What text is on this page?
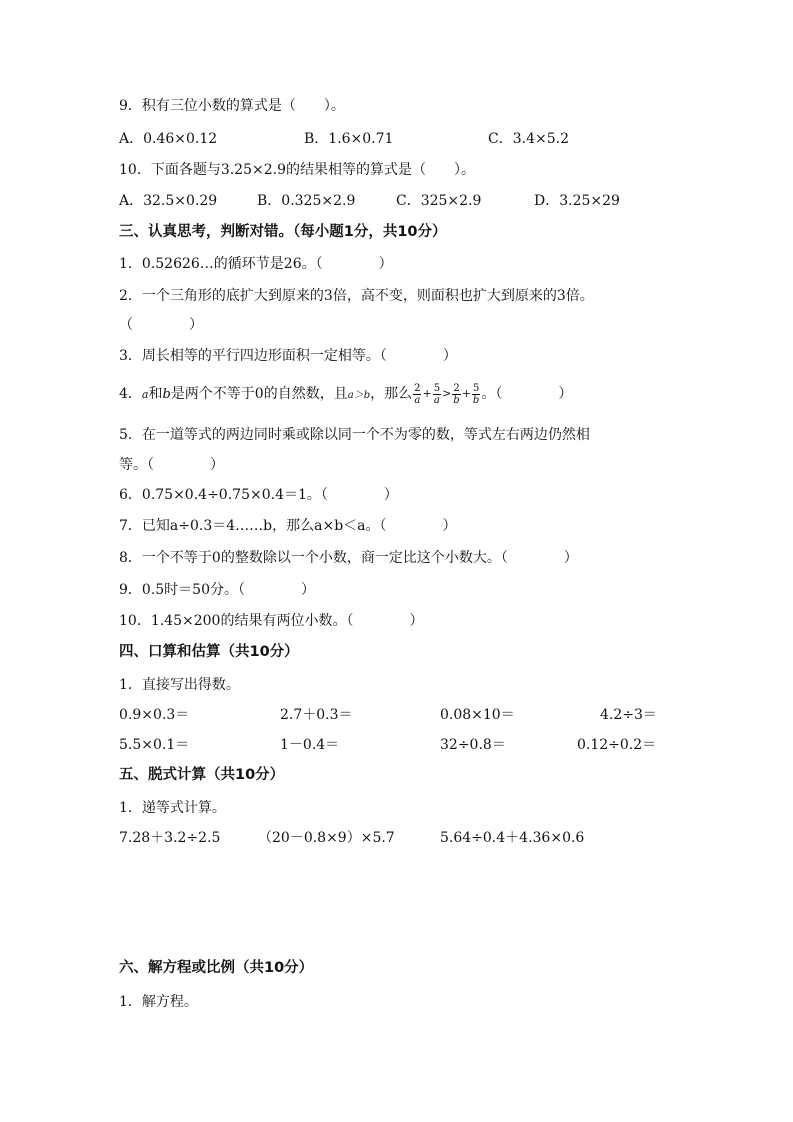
9．积有三位小数的算式是（　　）。
A．0.46×0.12	B．1.6×0.71	C．3.4×5.2
10．下面各题与3.25×2.9的结果相等的算式是（　　）。
A．32.5×0.29	B．0.325×2.9	C．325×2.9	D．3.25×29
三、认真思考，判断对错。（每小题1分，共10分）
1．0.52626…的循环节是26。（　　　　）
2．一个三角形的底扩大到原来的3倍，高不变，则面积也扩大到原来的3倍。
（　　　　）
3．周长相等的平行四边形面积一定相等。（　　　　）
4．a和b是两个不等于0的自然数，且a＞b，那么 $\frac{2}{a} + \frac{5}{a} > \frac{2}{b} + \frac{5}{b}$ 。（　　　　）
5．在一道等式的两边同时乘或除以同一个不为零的数，等式左右两边仍然相
等。（　　　　）
6．0.75×0.4÷0.75×0.4＝1。（　　　　）
7．已知a÷0.3＝4……b，那么a×b＜a。（　　　　）
8．一个不等于0的整数除以一个小数，商一定比这个小数大。（　　　　）
9．0.5时＝50分。（　　　　）
10．1.45×200的结果有两位小数。（　　　　）
四、口算和估算（共10分）
1．直接写出得数。
0.9×0.3＝	2.7＋0.3＝	0.08×10＝	4.2÷3＝
5.5×0.1＝	1－0.4＝	32÷0.8＝	0.12÷0.2＝
五、脱式计算（共10分）
1．递等式计算。
7.28＋3.2÷2.5	（20－0.8×9）×5.7	5.64÷0.4＋4.36×0.6
六、解方程或比例（共10分）
1．解方程。
